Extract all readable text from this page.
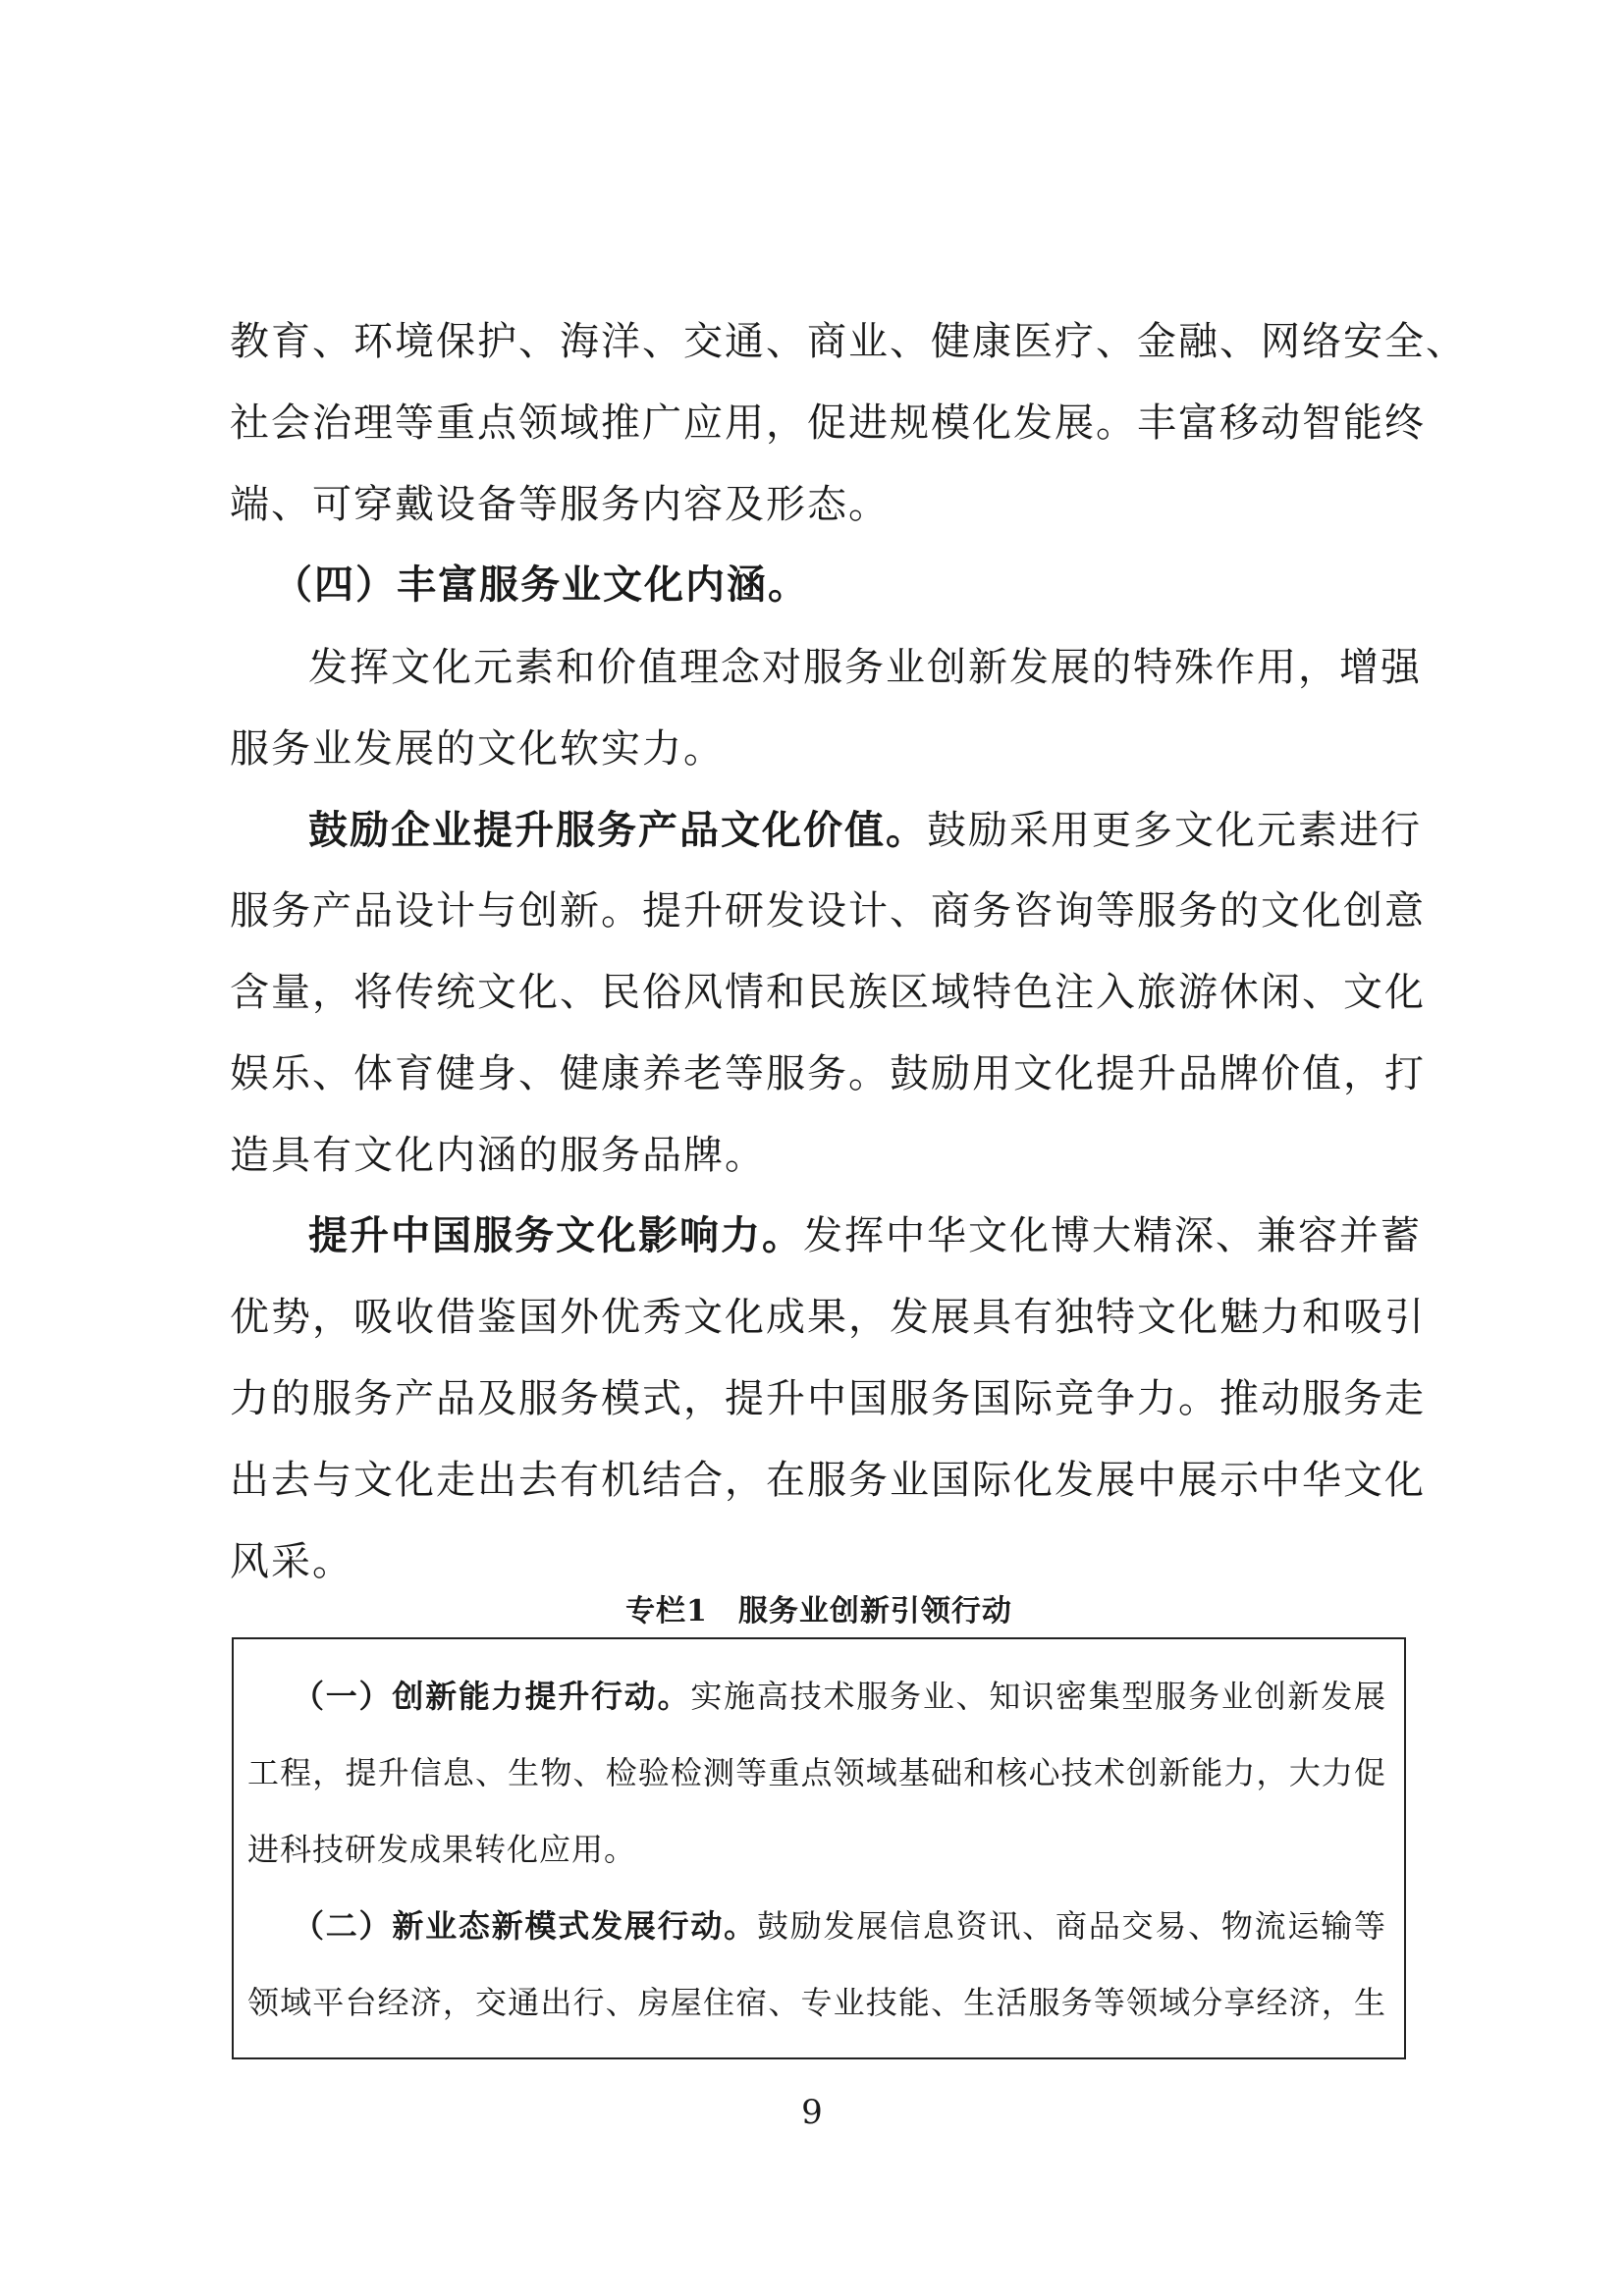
教育、环境保护、海洋、交通、商业、健康医疗、金融、网络安全、
社会治理等重点领域推广应用，促进规模化发展。丰富移动智能终
端、可穿戴设备等服务内容及形态。
（四）丰富服务业文化内涵。
发挥文化元素和价值理念对服务业创新发展的特殊作用，增强
服务业发展的文化软实力。
鼓励企业提升服务产品文化价值。鼓励采用更多文化元素进行
服务产品设计与创新。提升研发设计、商务咨询等服务的文化创意
含量，将传统文化、民俗风情和民族区域特色注入旅游休闲、文化
娱乐、体育健身、健康养老等服务。鼓励用文化提升品牌价值，打
造具有文化内涵的服务品牌。
提升中国服务文化影响力。发挥中华文化博大精深、兼容并蓄
优势，吸收借鉴国外优秀文化成果，发展具有独特文化魅力和吸引
力的服务产品及服务模式，提升中国服务国际竞争力。推动服务走
出去与文化走出去有机结合，在服务业国际化发展中展示中华文化
风采。
专栏1　服务业创新引领行动
（一）创新能力提升行动。实施高技术服务业、知识密集型服务业创新发展
工程，提升信息、生物、检验检测等重点领域基础和核心技术创新能力，大力促
进科技研发成果转化应用。
（二）新业态新模式发展行动。鼓励发展信息资讯、商品交易、物流运输等
领域平台经济，交通出行、房屋住宿、专业技能、生活服务等领域分享经济，生
9
